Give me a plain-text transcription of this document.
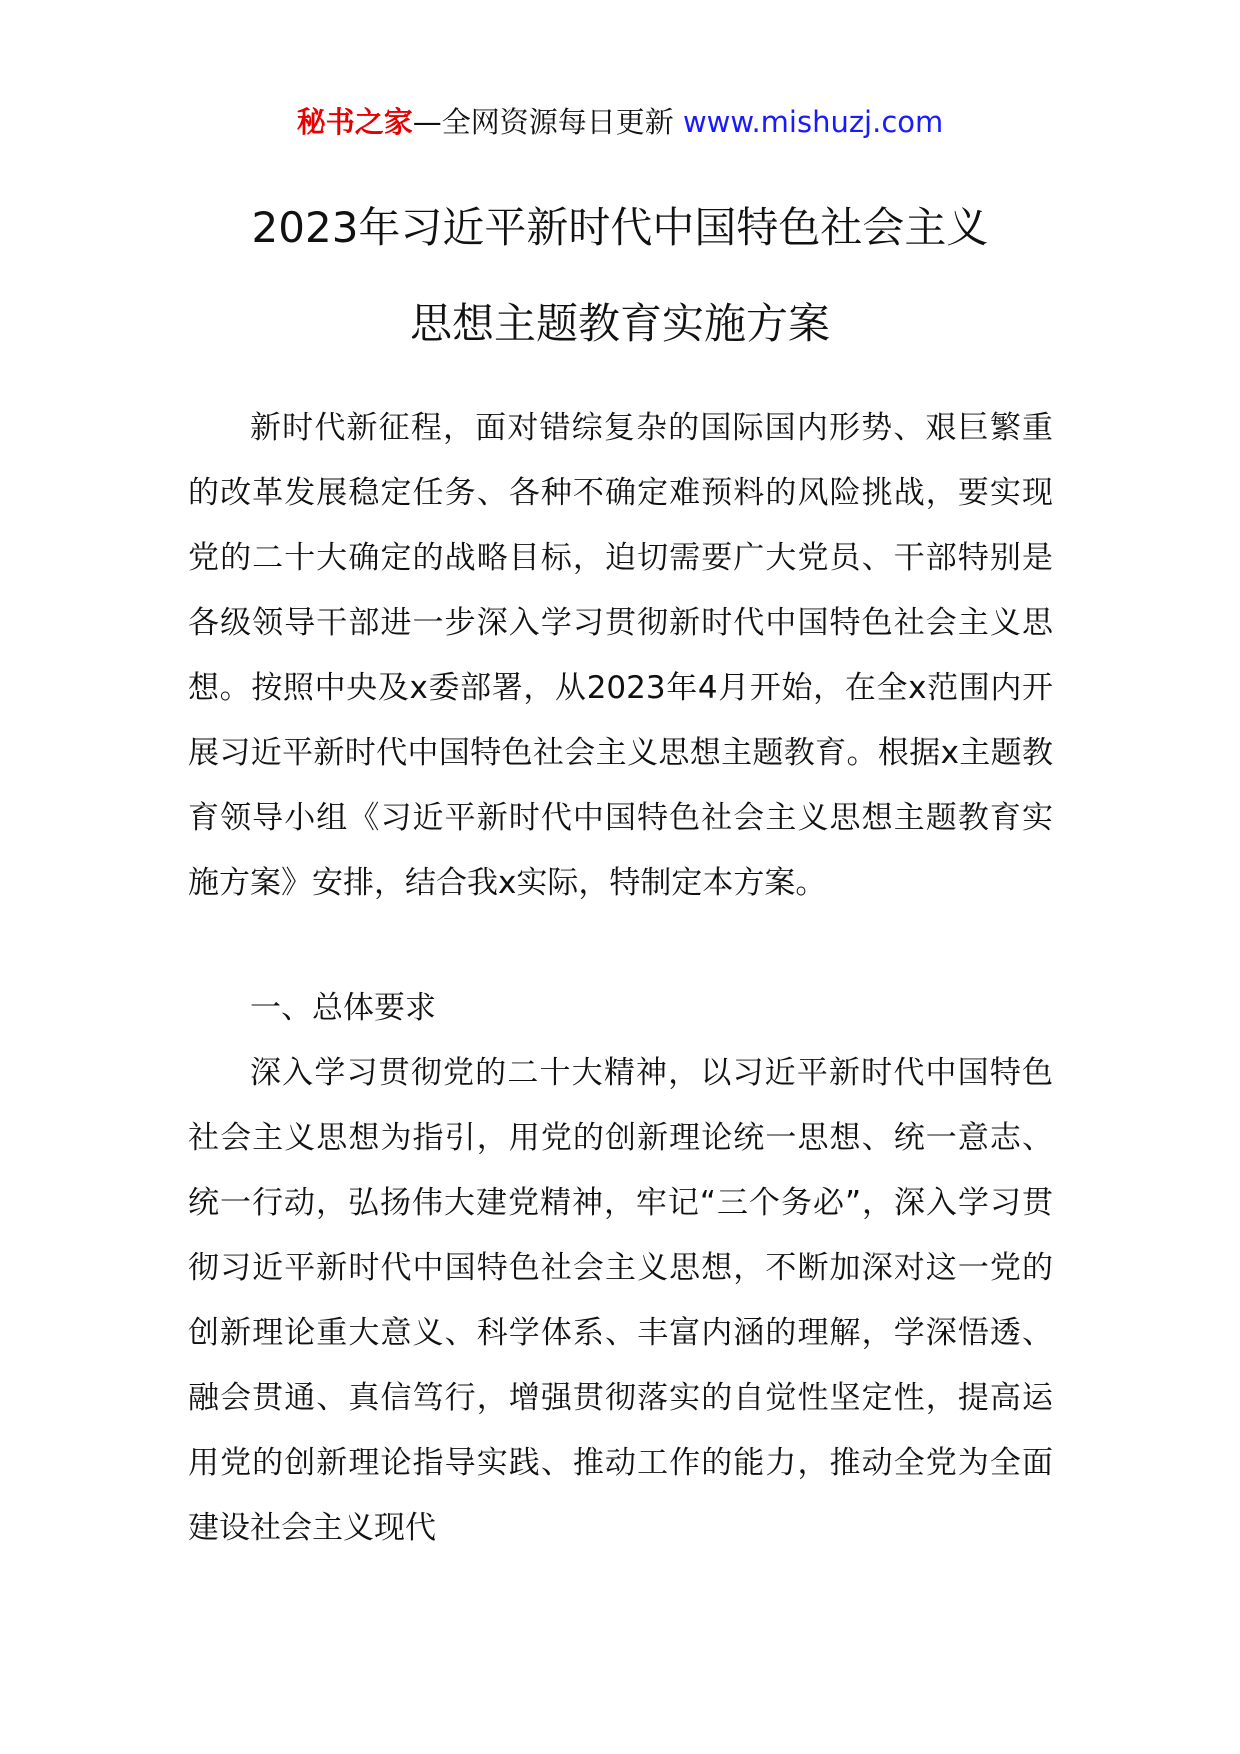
秘书之家—全网资源每日更新 www.mishuzj.com
2023年习近平新时代中国特色社会主义
思想主题教育实施方案

新时代新征程，面对错综复杂的国际国内形势、艰巨繁重的改革发展稳定任务、各种不确定难预料的风险挑战，要实现党的二十大确定的战略目标，迫切需要广大党员、干部特别是各级领导干部进一步深入学习贯彻新时代中国特色社会主义思想。按照中央及x委部署，从2023年4月开始，在全x范围内开展习近平新时代中国特色社会主义思想主题教育。根据x主题教育领导小组《习近平新时代中国特色社会主义思想主题教育实施方案》安排，结合我x实际，特制定本方案。

一、总体要求

深入学习贯彻党的二十大精神，以习近平新时代中国特色社会主义思想为指引，用党的创新理论统一思想、统一意志、统一行动，弘扬伟大建党精神，牢记“三个务必”，深入学习贯彻习近平新时代中国特色社会主义思想，不断加深对这一党的创新理论重大意义、科学体系、丰富内涵的理解，学深悟透、融会贯通、真信笃行，增强贯彻落实的自觉性坚定性，提高运用党的创新理论指导实践、推动工作的能力，推动全党为全面建设社会主义现代
